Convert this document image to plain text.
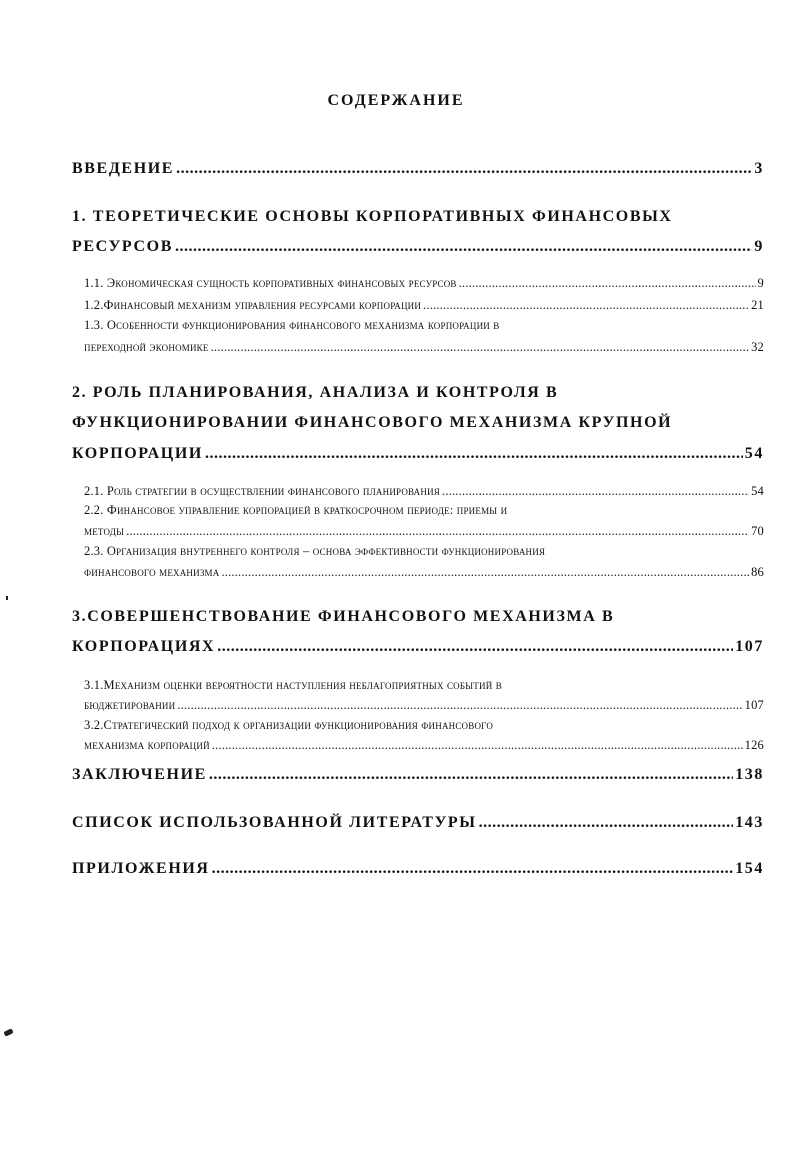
СОДЕРЖАНИЕ
ВВЕДЕНИЕ .....	3
1. ТЕОРЕТИЧЕСКИЕ ОСНОВЫ КОРПОРАТИВНЫХ ФИНАНСОВЫХ
РЕСУРСОВ .....	9
1.1. Экономическая сущность корпоративных финансовых ресурсов .....	9
1.2.Финансовый механизм управления ресурсами корпорации .....	21
1.3. Особенности функционирования финансового механизма корпорации в
переходной экономике .....	32
2. РОЛЬ ПЛАНИРОВАНИЯ, АНАЛИЗА И КОНТРОЛЯ В
ФУНКЦИОНИРОВАНИИ ФИНАНСОВОГО МЕХАНИЗМА КРУПНОЙ
КОРПОРАЦИИ .....	54
2.1. Роль стратегии в осуществлении финансового планирования .....	54
2.2. Финансовое управление корпорацией в краткосрочном периоде: приемы и
методы .....	70
2.3. Организация внутреннего контроля – основа эффективности функционирования
финансового механизма .....	86
3.СОВЕРШЕНСТВОВАНИЕ ФИНАНСОВОГО МЕХАНИЗМА В
КОРПОРАЦИЯХ .....	107
3.1.Механизм оценки вероятности наступления неблагоприятных событий в
бюджетировании .....	107
3.2.Стратегический подход к организации функционирования финансового
механизма корпораций .....	126
ЗАКЛЮЧЕНИЕ .....	138
СПИСОК ИСПОЛЬЗОВАННОЙ ЛИТЕРАТУРЫ .....	143
ПРИЛОЖЕНИЯ .....	154
